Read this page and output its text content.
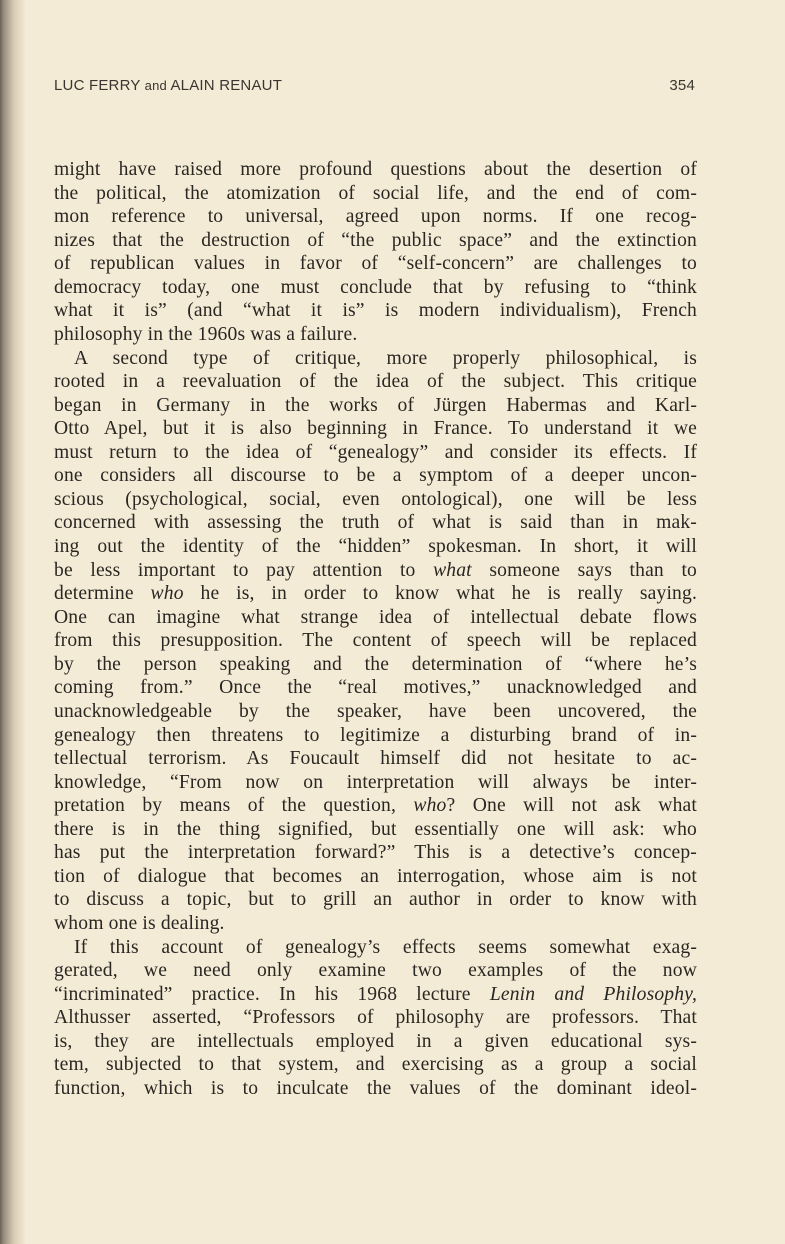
LUC FERRY and ALAIN RENAUT	354

might have raised more profound questions about the desertion of
the political, the atomization of social life, and the end of com-
mon reference to universal, agreed upon norms. If one recog-
nizes that the destruction of “the public space” and the extinction
of republican values in favor of “self-concern” are challenges to
democracy today, one must conclude that by refusing to “think
what it is” (and “what it is” is modern individualism), French
philosophy in the 1960s was a failure.

A second type of critique, more properly philosophical, is
rooted in a reevaluation of the idea of the subject. This critique
began in Germany in the works of Jürgen Habermas and Karl-
Otto Apel, but it is also beginning in France. To understand it we
must return to the idea of “genealogy” and consider its effects. If
one considers all discourse to be a symptom of a deeper uncon-
scious (psychological, social, even ontological), one will be less
concerned with assessing the truth of what is said than in mak-
ing out the identity of the “hidden” spokesman. In short, it will
be less important to pay attention to what someone says than to
determine who he is, in order to know what he is really saying.
One can imagine what strange idea of intellectual debate flows
from this presupposition. The content of speech will be replaced
by the person speaking and the determination of “where he’s
coming from.” Once the “real motives,” unacknowledged and
unacknowledgeable by the speaker, have been uncovered, the
genealogy then threatens to legitimize a disturbing brand of in-
tellectual terrorism. As Foucault himself did not hesitate to ac-
knowledge, “From now on interpretation will always be inter-
pretation by means of the question, who? One will not ask what
there is in the thing signified, but essentially one will ask: who
has put the interpretation forward?” This is a detective’s concep-
tion of dialogue that becomes an interrogation, whose aim is not
to discuss a topic, but to grill an author in order to know with
whom one is dealing.

If this account of genealogy’s effects seems somewhat exag-
gerated, we need only examine two examples of the now
“incriminated” practice. In his 1968 lecture Lenin and Philosophy,
Althusser asserted, “Professors of philosophy are professors. That
is, they are intellectuals employed in a given educational sys-
tem, subjected to that system, and exercising as a group a social
function, which is to inculcate the values of the dominant ideol-
